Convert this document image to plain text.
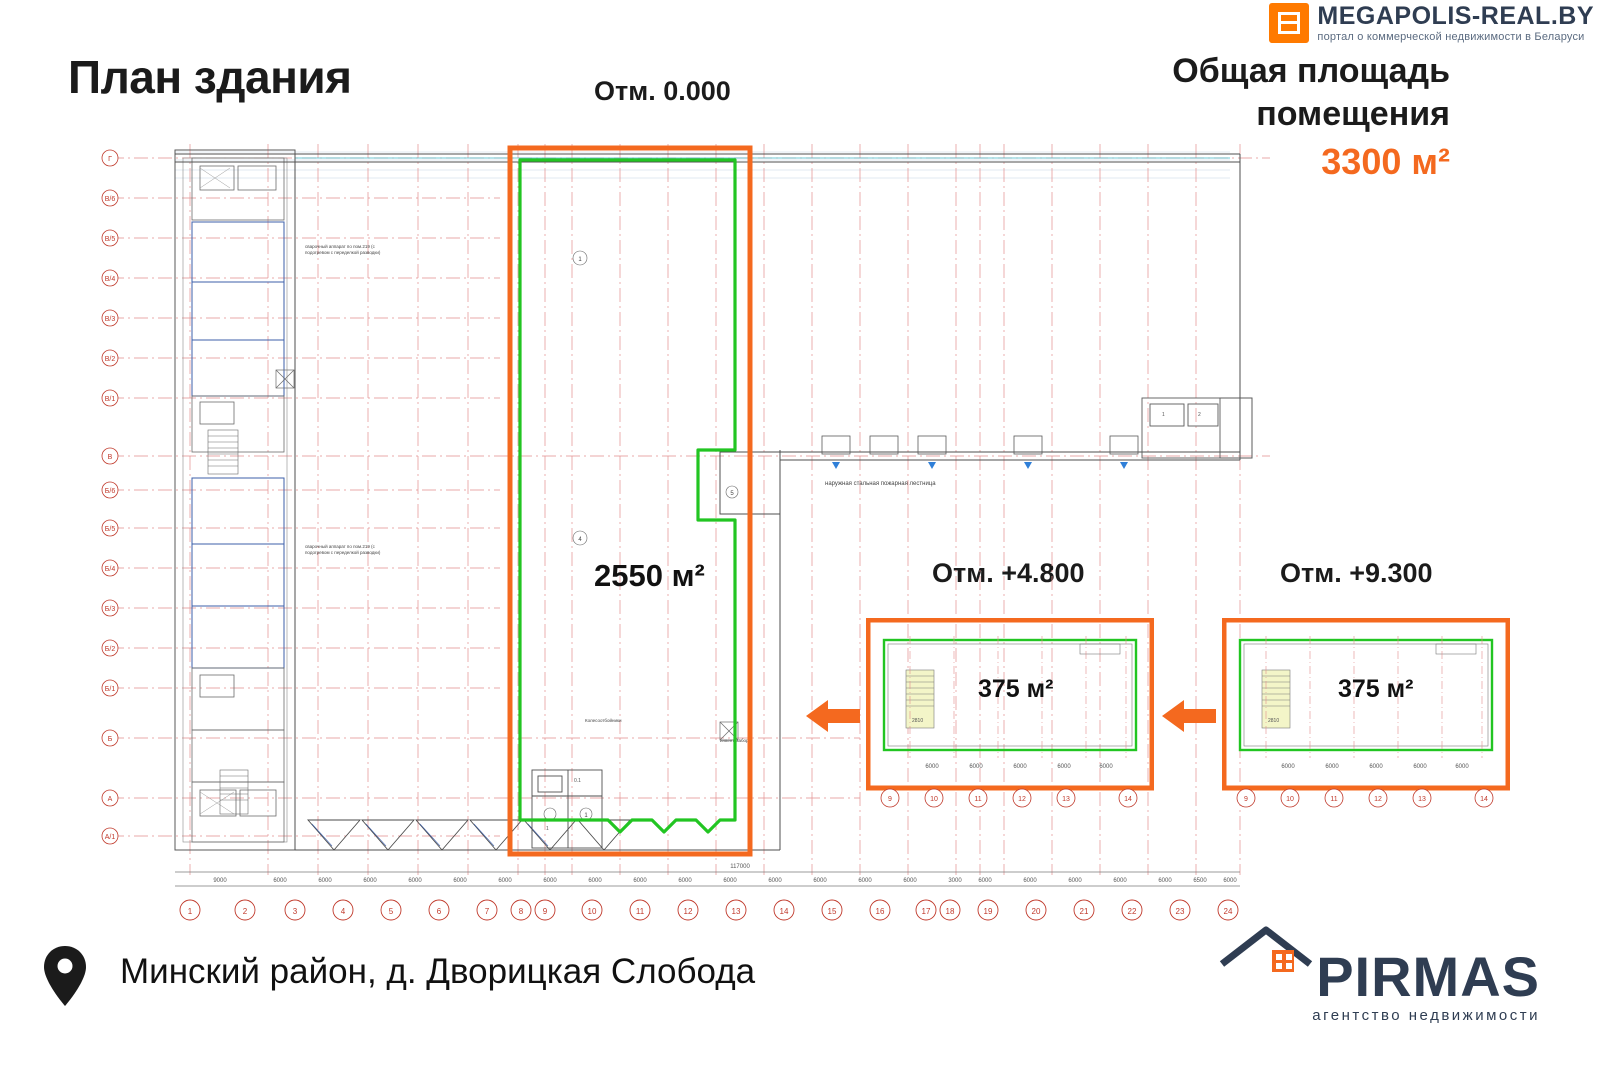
MEGAPOLIS-REAL.BY
портал о коммерческой недвижимости в Беларуси
План здания	Отм. 0.000
Общая площадь
помещения
3300 м²
Отм. +4.800	Отм. +9.300
Г
В/6
В/5
В/4
В/3
В/2
В/1
В
Б/6
Б/5
Б/4
Б/3
Б/2
Б/1
Б
А
А/1
1	2
наружная стальная пожарная лестница
5
сварочный аппарат по пом.219 (с
подогревом с переделкой разводки)
сварочный аппарат по пом.219 (с
подогревом с переделкой разводки)
Колесоотбойники
инвент. забор
1
4
0.1
1
1
9000	6000	6000	6000	6000	6000	6000	6000	6000	6000	6000	6000	6000	6000	6000	6000	3000	6000	6000	6000	6000	6000	6500	6000
117000
1	2	3	4	5	6	7	8 9	10	11	12	13	14	15	16	17 18	19	20	21	22	23	24
2810
6000	6000	6000	6000	6000
9	10	11	12	13	14
2810
6000	6000	6000	6000	6000
9	10	11	12	13	14
2550 м²
375 м²	375 м²
Минский район, д. Дворицкая Слобода	PIRMAS
агентство недвижимости
